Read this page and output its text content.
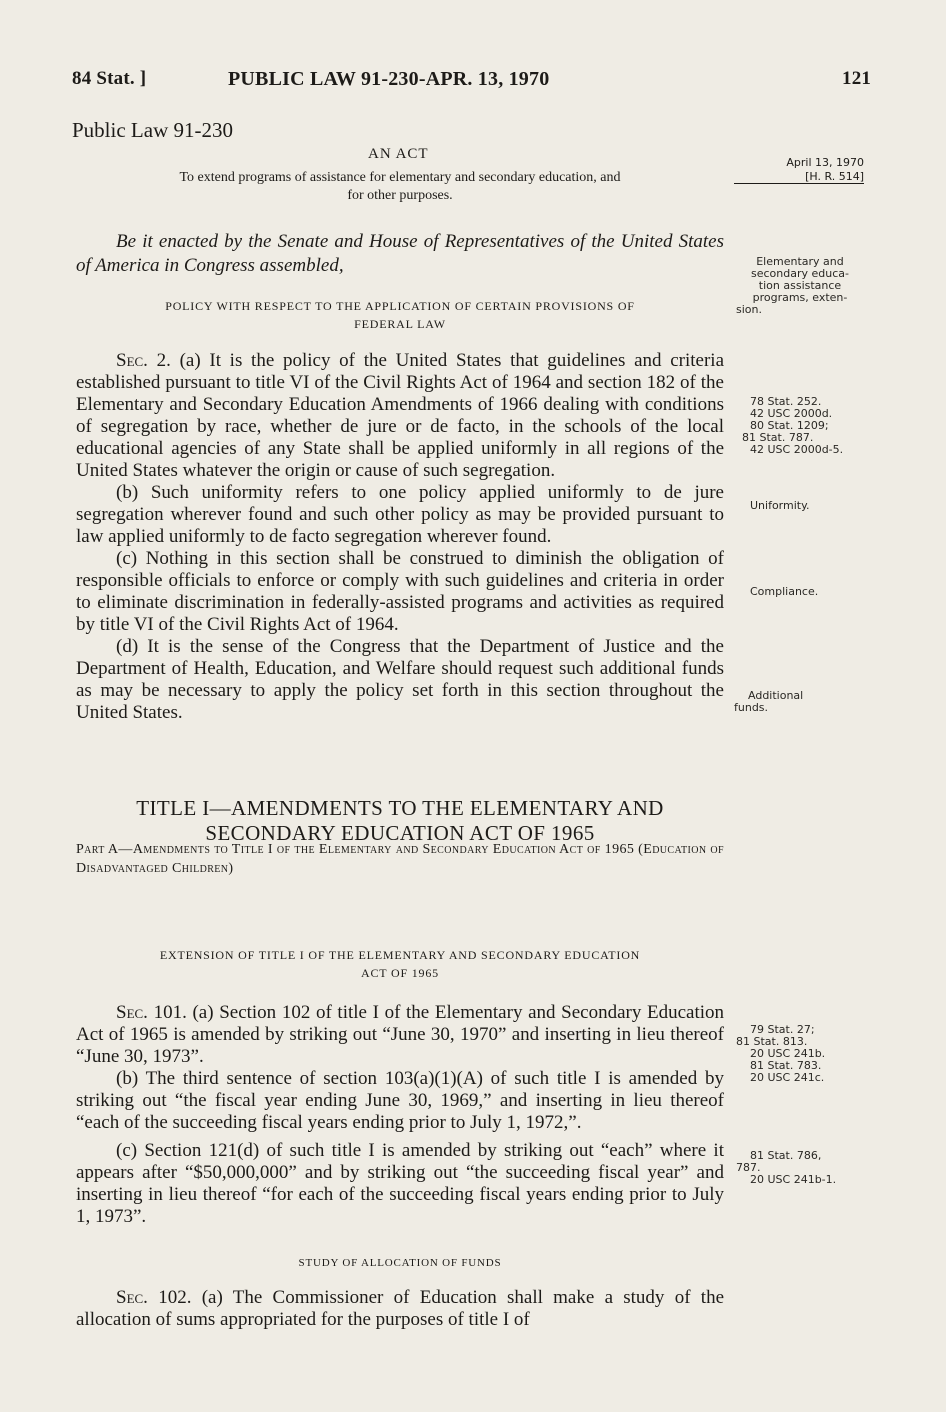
84 Stat. ]	PUBLIC LAW 91-230-APR. 13, 1970	121
Public Law 91-230
AN ACT
To extend programs of assistance for elementary and secondary education, and
for other purposes.
April 13, 1970
[H. R. 514]
Be it enacted by the Senate and House of Representatives of the United States of America in Congress assembled,	Elementary and
secondary educa-
tion assistance
programs, exten-
sion.
POLICY WITH RESPECT TO THE APPLICATION OF CERTAIN PROVISIONS OF
FEDERAL LAW

Sec. 2. (a) It is the policy of the United States that guidelines and criteria established pursuant to title VI of the Civil Rights Act of 1964 and section 182 of the Elementary and Secondary Education Amendments of 1966 dealing with conditions of segregation by race, whether de jure or de facto, in the schools of the local educational agencies of any State shall be applied uniformly in all regions of the United States whatever the origin or cause of such segregation.

(b) Such uniformity refers to one policy applied uniformly to de jure segregation wherever found and such other policy as may be provided pursuant to law applied uniformly to de facto segregation wherever found.

(c) Nothing in this section shall be construed to diminish the obligation of responsible officials to enforce or comply with such guidelines and criteria in order to eliminate discrimination in federally-assisted programs and activities as required by title VI of the Civil Rights Act of 1964.

(d) It is the sense of the Congress that the Department of Justice and the Department of Health, Education, and Welfare should request such additional funds as may be necessary to apply the policy set forth in this section throughout the United States.

78 Stat. 252.
42 USC 2000d.
80 Stat. 1209;
81 Stat. 787.
42 USC 2000d-5.
Uniformity.
Compliance.
Additional
funds.
TITLE I—AMENDMENTS TO THE ELEMENTARY AND
SECONDARY EDUCATION ACT OF 1965
Part A—Amendments to Title I of the Elementary and Secondary Education Act of 1965 (Education of Disadvantaged Children)
EXTENSION OF TITLE I OF THE ELEMENTARY AND SECONDARY EDUCATION
ACT OF 1965

Sec. 101. (a) Section 102 of title I of the Elementary and Secondary Education Act of 1965 is amended by striking out “June 30, 1970” and inserting in lieu thereof “June 30, 1973”.

(b) The third sentence of section 103(a)(1)(A) of such title I is amended by striking out “the fiscal year ending June 30, 1969,” and inserting in lieu thereof “each of the succeeding fiscal years ending prior to July 1, 1972,”.

(c) Section 121(d) of such title I is amended by striking out “each” where it appears after “$50,000,000” and by striking out “the succeeding fiscal year” and inserting in lieu thereof “for each of the succeeding fiscal years ending prior to July 1, 1973”.

79 Stat. 27;
81 Stat. 813.
20 USC 241b.
81 Stat. 783.
20 USC 241c.
81 Stat. 786,
787.
20 USC 241b-1.
STUDY OF ALLOCATION OF FUNDS

Sec. 102. (a) The Commissioner of Education shall make a study of the allocation of sums appropriated for the purposes of title I of
